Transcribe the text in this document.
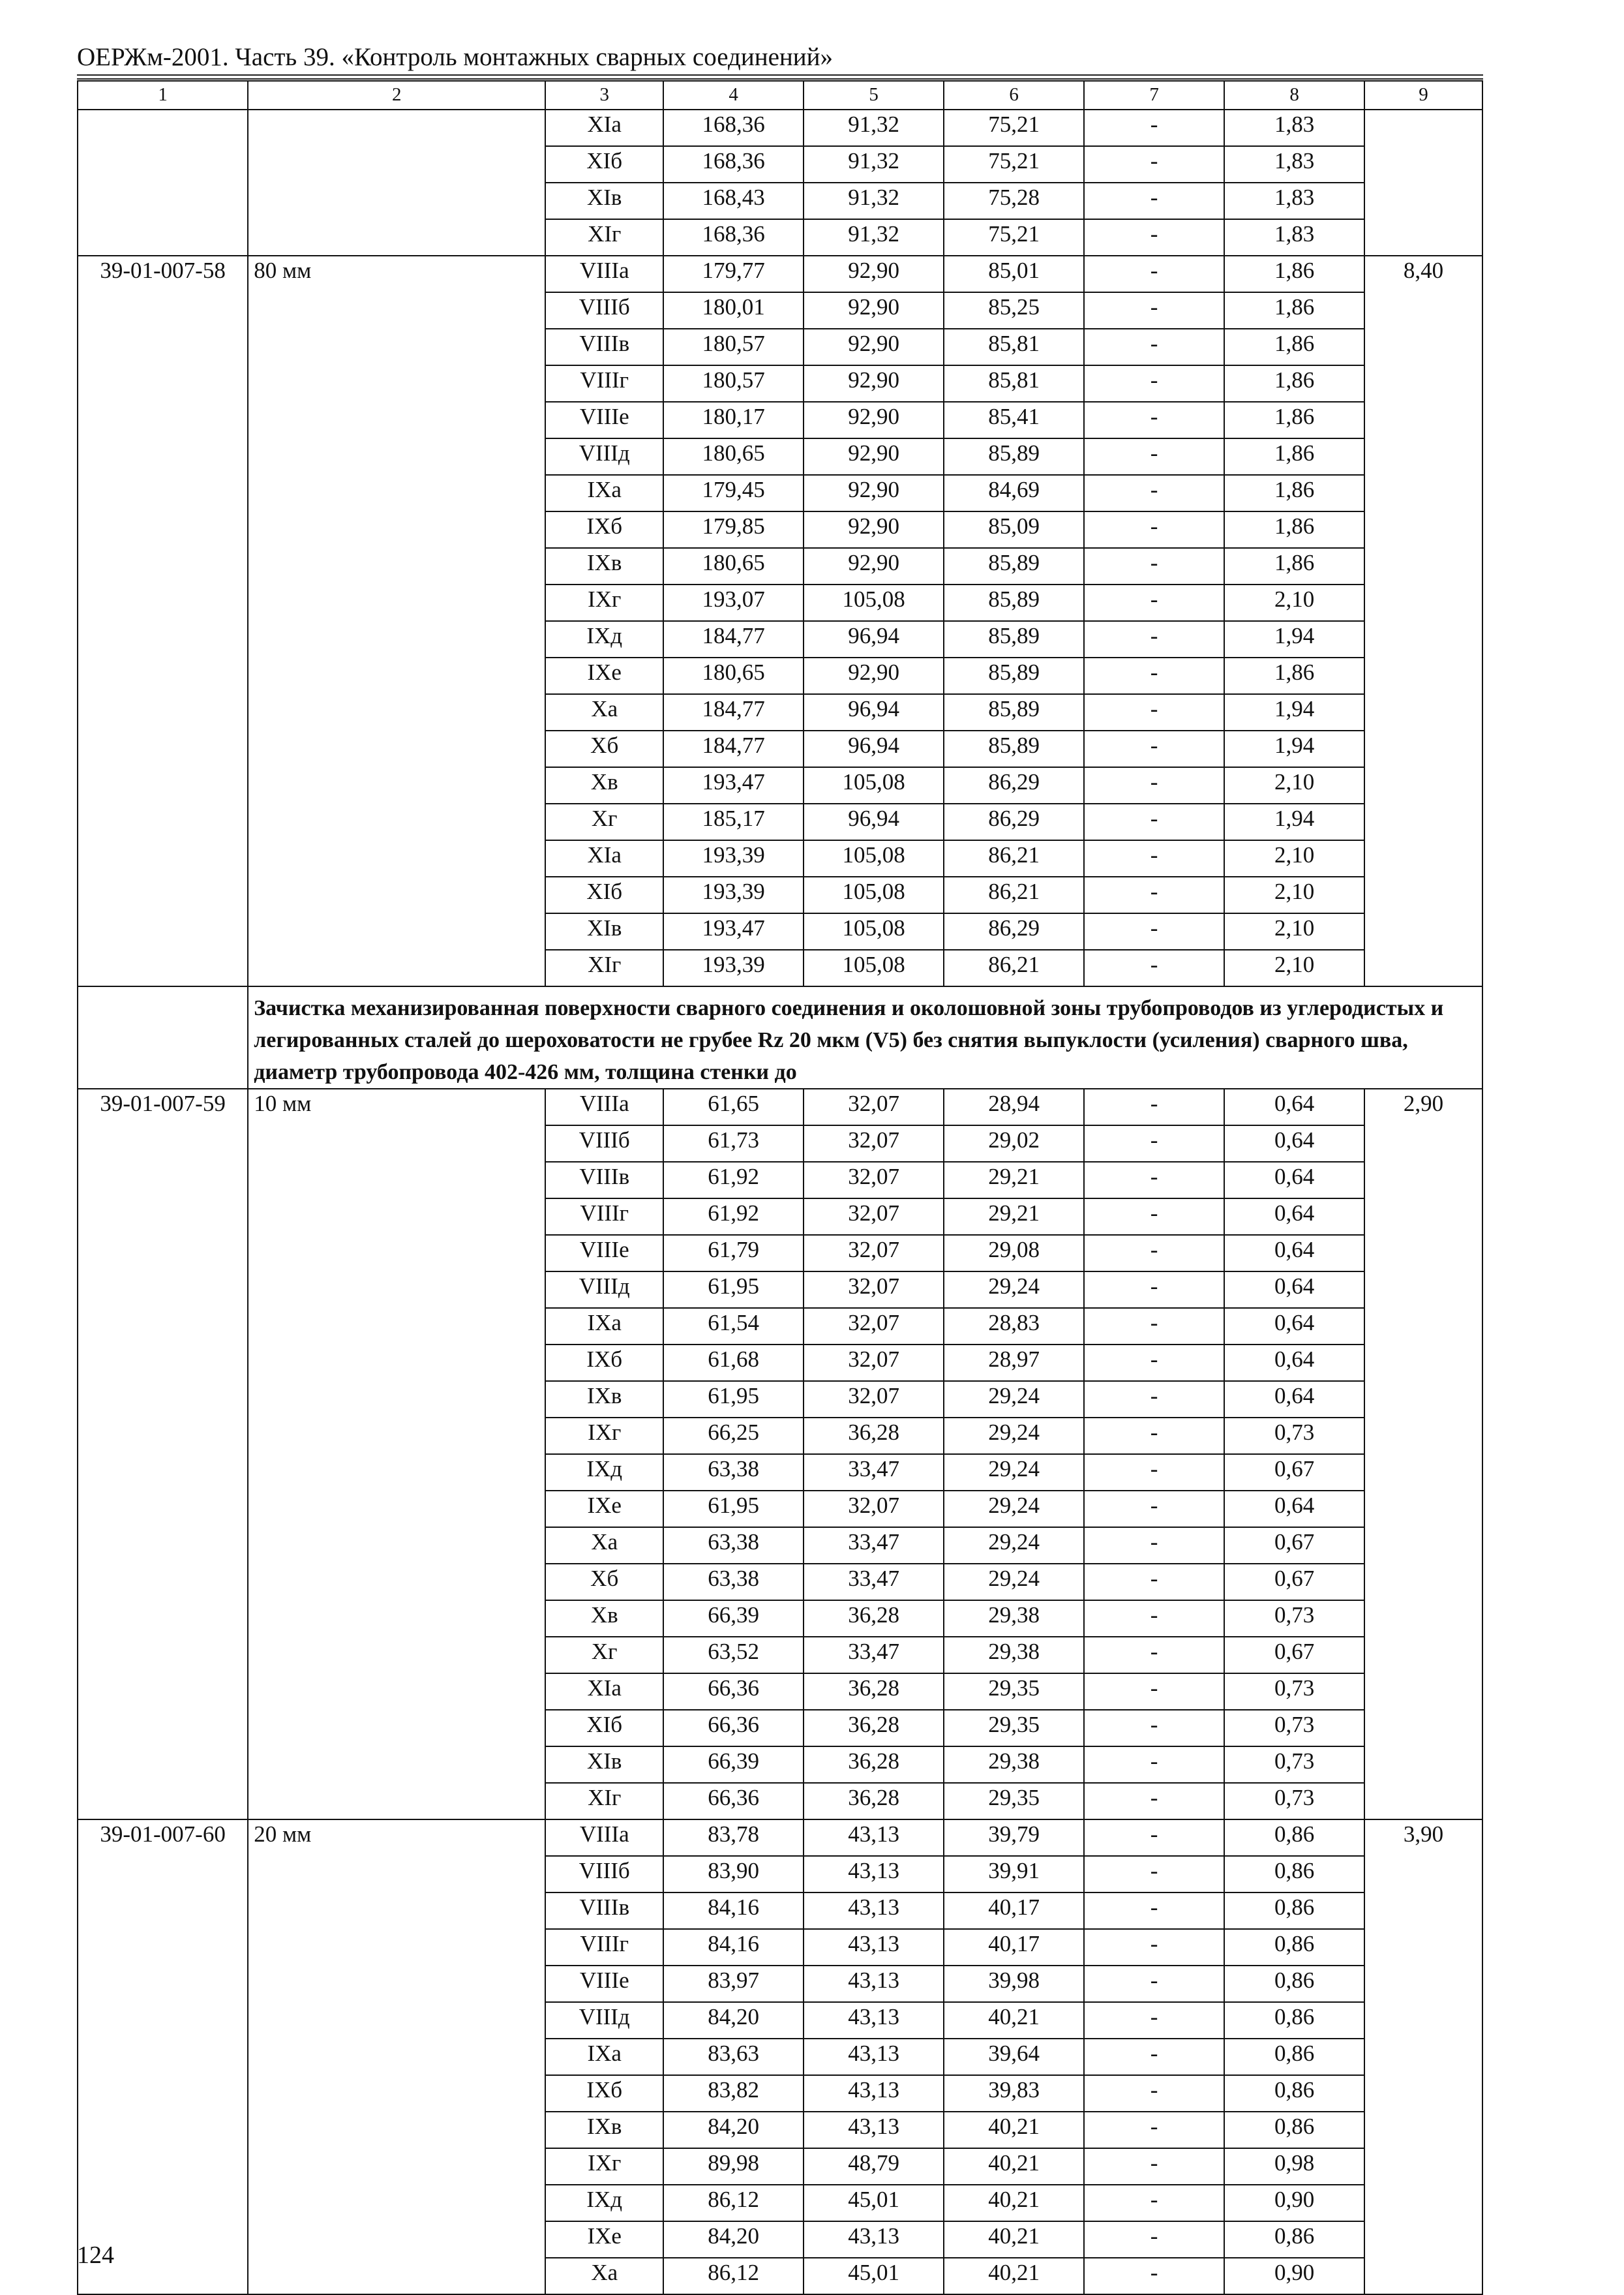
ОЕРЖм-2001. Часть 39. «Контроль монтажных сварных соединений»
1	2	3	4	5	6	7	8	9
		XIa	168,36	91,32	75,21	-	1,83	
		XIб	168,36	91,32	75,21	-	1,83	
		XIв	168,43	91,32	75,28	-	1,83	
		XIг	168,36	91,32	75,21	-	1,83	
39-01-007-58	80 мм	VIIIa	179,77	92,90	85,01	-	1,86	8,40
		VIIIб	180,01	92,90	85,25	-	1,86	
		VIIIв	180,57	92,90	85,81	-	1,86	
		VIIIг	180,57	92,90	85,81	-	1,86	
		VIIIe	180,17	92,90	85,41	-	1,86	
		VIIIд	180,65	92,90	85,89	-	1,86	
		IXa	179,45	92,90	84,69	-	1,86	
		IXб	179,85	92,90	85,09	-	1,86	
		IXв	180,65	92,90	85,89	-	1,86	
		IXг	193,07	105,08	85,89	-	2,10	
		IXд	184,77	96,94	85,89	-	1,94	
		IXe	180,65	92,90	85,89	-	1,86	
		Xa	184,77	96,94	85,89	-	1,94	
		Xб	184,77	96,94	85,89	-	1,94	
		Xв	193,47	105,08	86,29	-	2,10	
		Xг	185,17	96,94	86,29	-	1,94	
		XIa	193,39	105,08	86,21	-	2,10	
		XIб	193,39	105,08	86,21	-	2,10	
		XIв	193,47	105,08	86,29	-	2,10	
		XIг	193,39	105,08	86,21	-	2,10	
	Зачистка механизированная поверхности сварного соединения и околошовной зоны трубопроводов из углеродистых и легированных сталей до шероховатости не грубее Rz 20 мкм (V5) без снятия выпуклости (усиления) сварного шва, диаметр трубопровода 402-426 мм, толщина стенки до							
39-01-007-59	10 мм	VIIIa	61,65	32,07	28,94	-	0,64	2,90
		VIIIб	61,73	32,07	29,02	-	0,64	
		VIIIв	61,92	32,07	29,21	-	0,64	
		VIIIг	61,92	32,07	29,21	-	0,64	
		VIIIe	61,79	32,07	29,08	-	0,64	
		VIIIд	61,95	32,07	29,24	-	0,64	
		IXa	61,54	32,07	28,83	-	0,64	
		IXб	61,68	32,07	28,97	-	0,64	
		IXв	61,95	32,07	29,24	-	0,64	
		IXг	66,25	36,28	29,24	-	0,73	
		IXд	63,38	33,47	29,24	-	0,67	
		IXe	61,95	32,07	29,24	-	0,64	
		Xa	63,38	33,47	29,24	-	0,67	
		Xб	63,38	33,47	29,24	-	0,67	
		Xв	66,39	36,28	29,38	-	0,73	
		Xг	63,52	33,47	29,38	-	0,67	
		XIa	66,36	36,28	29,35	-	0,73	
		XIб	66,36	36,28	29,35	-	0,73	
		XIв	66,39	36,28	29,38	-	0,73	
		XIг	66,36	36,28	29,35	-	0,73	
39-01-007-60	20 мм	VIIIa	83,78	43,13	39,79	-	0,86	3,90
		VIIIб	83,90	43,13	39,91	-	0,86	
		VIIIв	84,16	43,13	40,17	-	0,86	
		VIIIг	84,16	43,13	40,17	-	0,86	
		VIIIe	83,97	43,13	39,98	-	0,86	
		VIIIд	84,20	43,13	40,21	-	0,86	
		IXa	83,63	43,13	39,64	-	0,86	
		IXб	83,82	43,13	39,83	-	0,86	
		IXв	84,20	43,13	40,21	-	0,86	
		IXг	89,98	48,79	40,21	-	0,98	
		IXд	86,12	45,01	40,21	-	0,90	
		IXe	84,20	43,13	40,21	-	0,86	
		Xa	86,12	45,01	40,21	-	0,90	
124
